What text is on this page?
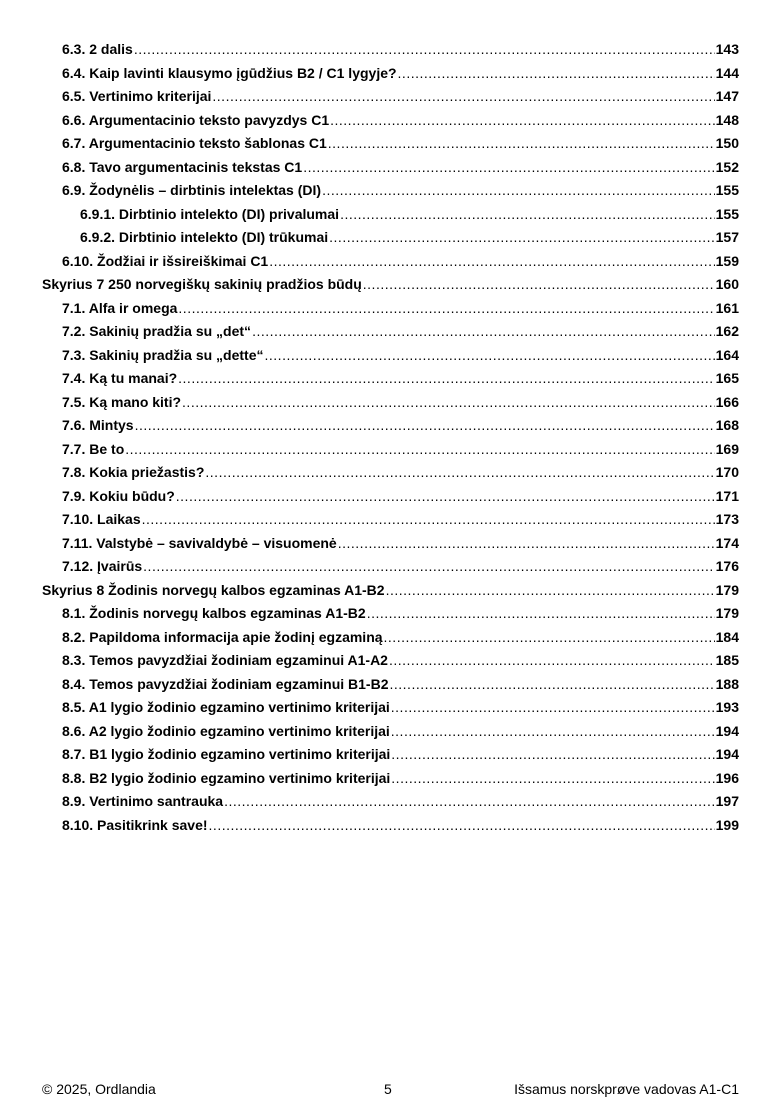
6.3. 2 dalis .....	143
6.4. Kaip lavinti klausymo įgūdžius B2 / C1 lygyje? .....	144
6.5. Vertinimo kriterijai .....	147
6.6. Argumentacinio teksto pavyzdys C1 .....	148
6.7. Argumentacinio teksto šablonas C1 .....	150
6.8. Tavo argumentacinis tekstas C1 .....	152
6.9. Žodynėlis – dirbtinis intelektas (DI) .....	155
6.9.1. Dirbtinio intelekto (DI) privalumai .....	155
6.9.2. Dirbtinio intelekto (DI) trūkumai .....	157
6.10. Žodžiai ir išsireiškimai C1 .....	159
Skyrius 7 250 norvegiškų sakinių pradžios būdų .....	160
7.1. Alfa ir omega .....	161
7.2. Sakinių pradžia su „det“ .....	162
7.3. Sakinių pradžia su „dette“ .....	164
7.4. Ką tu manai? .....	165
7.5. Ką mano kiti? .....	166
7.6. Mintys .....	168
7.7. Be to .....	169
7.8. Kokia priežastis? .....	170
7.9. Kokiu būdu? .....	171
7.10. Laikas .....	173
7.11. Valstybė – savivaldybė – visuomenė .....	174
7.12. Įvairūs .....	176
Skyrius 8 Žodinis norvegų kalbos egzaminas A1-B2 .....	179
8.1. Žodinis norvegų kalbos egzaminas A1-B2 .....	179
8.2. Papildoma informacija apie žodinį egzaminą .....	184
8.3. Temos pavyzdžiai žodiniam egzaminui A1-A2 .....	185
8.4. Temos pavyzdžiai žodiniam egzaminui B1-B2 .....	188
8.5. A1 lygio žodinio egzamino vertinimo kriterijai .....	193
8.6. A2 lygio žodinio egzamino vertinimo kriterijai .....	194
8.7. B1 lygio žodinio egzamino vertinimo kriterijai .....	194
8.8. B2 lygio žodinio egzamino vertinimo kriterijai .....	196
8.9. Vertinimo santrauka .....	197
8.10. Pasitikrink save! .....	199
© 2025, Ordlandia	5	Išsamus norskprøve vadovas A1-C1
